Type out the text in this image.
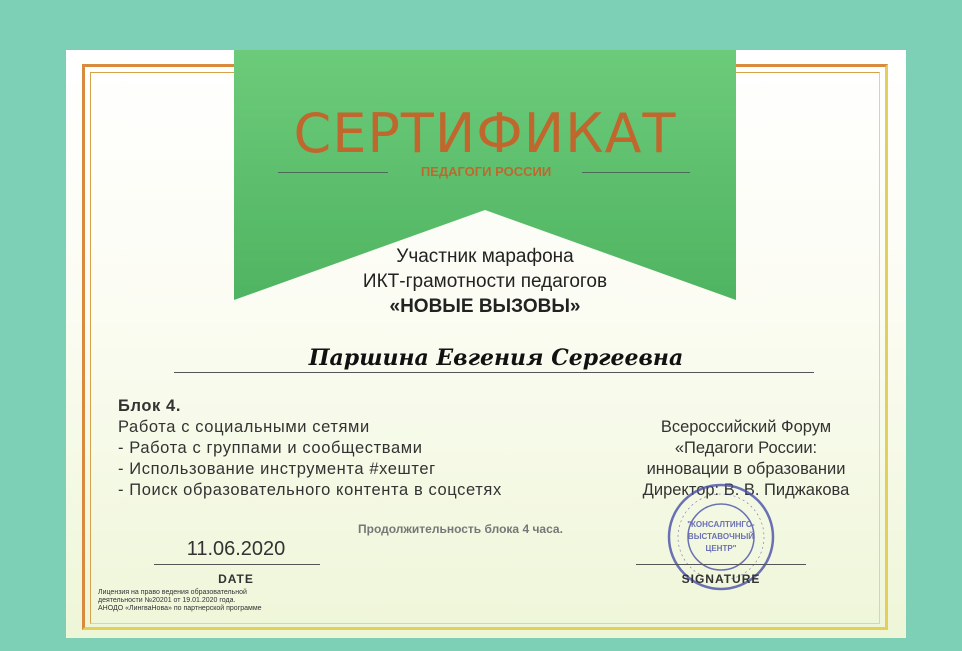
СЕРТИФИКАТ
ПЕДАГОГИ РОССИИ
Участник марафона
ИКТ-грамотности педагогов
«НОВЫЕ ВЫЗОВЫ»
Паршина Евгения Сергеевна
Блок 4.
Работа с социальными сетями
- Работа с группами и сообществами
- Использование инструмента #хештег
- Поиск образовательного контента в соцсетях
Всероссийский Форум
«Педагоги России:
инновации в образовании
Директор: В. В. Пиджакова
"КОНСАЛТИНГО-
ВЫСТАВОЧНЫЙ
ЦЕНТР"
Продолжительность блока 4 часа.
11.06.2020
DATE	SIGNATURE
Лицензия на право ведения образовательной
деятельности №20201 от 19.01.2020 года.
АНОДО «ЛингваНова» по партнерской программе
